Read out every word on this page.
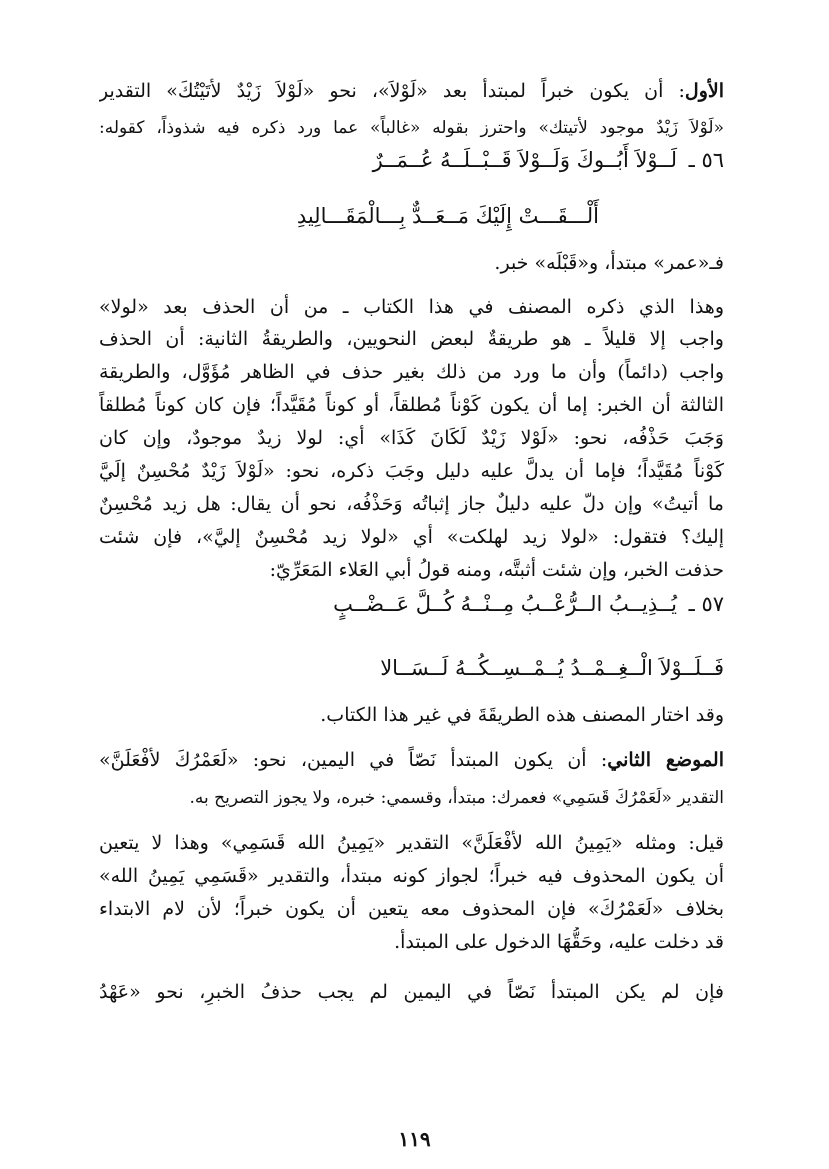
الأول: أن يكون خبراً لمبتدأ بعد «لَوْلاَ»، نحو «لَوْلاَ زَيْدٌ لأتَيْتُكَ» التقدير
«لَوْلاَ زَيْدٌ موجود لأتيتك» واحترز بقوله «غالباً» عما ورد ذكره فيه شذوذاً، كقوله:
٥٦ ـ
لَــوْلاَ أَبُــوكَ وَلَــوْلاَ قَــبْــلَــهُ عُــمَــرٌ
أَلْـــقَـــتْ إِلَيْكَ مَــعَــدٌّ بِـــالْمَقَـــالِيدِ
فـ«عمر» مبتدأ، و«قَبْلَه» خبر.
وهذا الذي ذكره المصنف في هذا الكتاب ـ من أن الحذف بعد «لولا»
واجب إلا قليلاً ـ هو طريقةٌ لبعض النحويين، والطريقةُ الثانية: أن الحذف
واجب (دائماً) وأن ما ورد من ذلك بغير حذف في الظاهر مُؤَوَّل، والطريقة
الثالثة أن الخبر: إما أن يكون كَوْناً مُطلقاً، أو كوناً مُقَيَّداً؛ فإن كان كوناً مُطلقاً
وَجَبَ حَذْفُه، نحو: «لَوْلا زَيْدٌ لَكَانَ كَذَا» أي: لولا زيدٌ موجودٌ، وإن كان
كَوْناً مُقَيَّداً؛ فإما أن يدلَّ عليه دليل وجَبَ ذكره، نحو: «لَوْلاَ زَيْدٌ مُحْسِنٌ إلَيَّ
ما أتيتُ» وإن دلّ عليه دليلٌ جاز إثباتُه وَحَذْفُه، نحو أن يقال: هل زيد مُحْسِنٌ
إليك؟ فتقول: «لولا زيد لهلكت» أي «لولا زيد مُحْسِنٌ إليَّ»، فإن شئت
حذفت الخبر، وإن شئت أثبتَّه، ومنه قولُ أبي العَلاء المَعَرِّيّ:
٥٧ ـ
يُــذِيــبُ الــرُّعْــبُ مِــنْــهُ كُــلَّ عَــضْــبٍ
فَــلَــوْلاَ الْــغِــمْــدُ يُــمْــسِــكُــهُ لَــسَــالا
وقد اختار المصنف هذه الطريقَةَ في غير هذا الكتاب.
الموضع الثاني: أن يكون المبتدأ نَصّاً في اليمين، نحو: «لَعَمْرُكَ لأفْعَلَنَّ»
التقدير «لَعَمْرُكَ قَسَمِي» فعمرك: مبتدأ، وقسمي: خبره، ولا يجوز التصريح به.
قيل: ومثله «يَمِينُ الله لأفْعَلَنَّ» التقدير «يَمِينُ الله قَسَمِي» وهذا لا يتعين
أن يكون المحذوف فيه خبراً؛ لجواز كونه مبتدأ، والتقدير «قَسَمِي يَمِينُ الله»
بخلاف «لَعَمْرُكَ» فإن المحذوف معه يتعين أن يكون خبراً؛ لأن لام الابتداء
قد دخلت عليه، وحَقُّهَا الدخول على المبتدأ.
فإن لم يكن المبتدأ نَصّاً في اليمين لم يجب حذفُ الخبرِ، نحو «عَهْدُ
١١٩
